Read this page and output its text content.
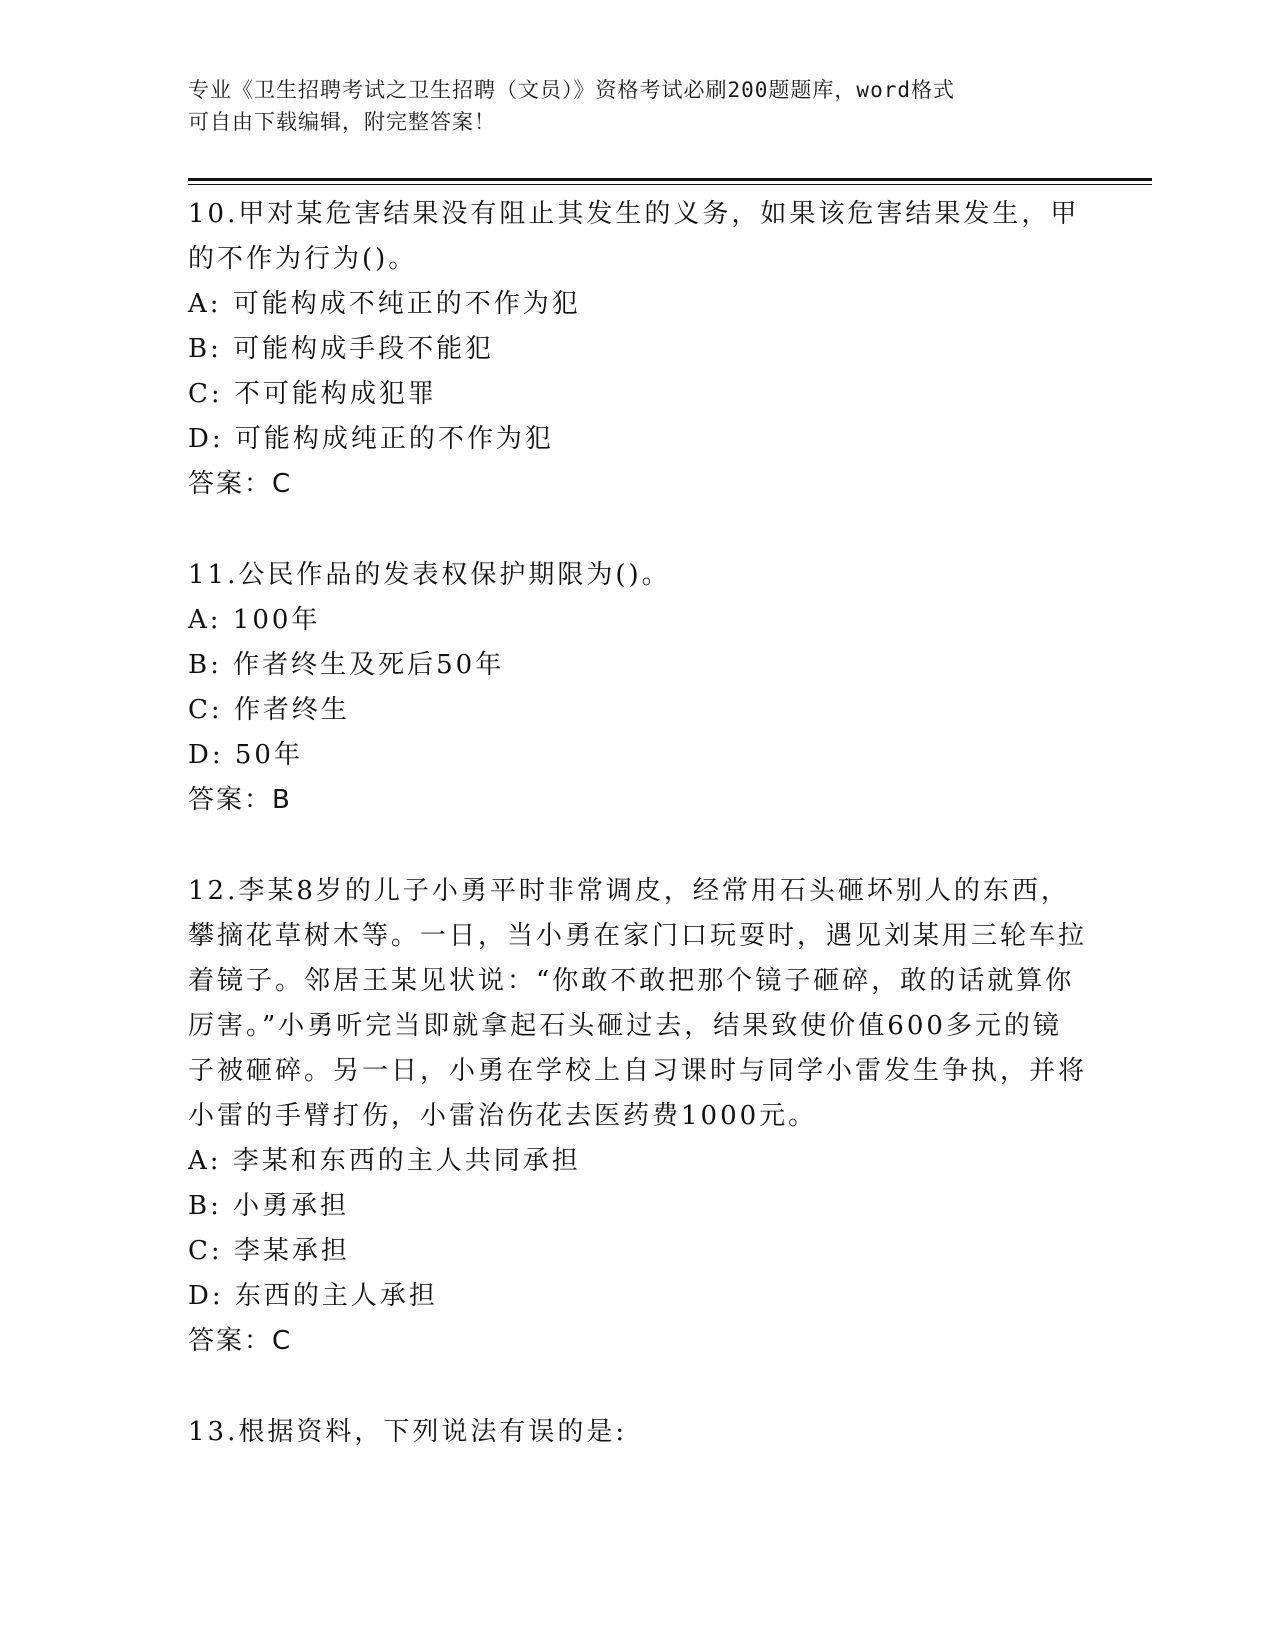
专业《卫生招聘考试之卫生招聘（文员）》资格考试必刷200题题库，word格式
可自由下载编辑，附完整答案！

10.甲对某危害结果没有阻止其发生的义务，如果该危害结果发生，甲的不作为行为()。

A: 可能构成不纯正的不作为犯

B: 可能构成手段不能犯

C: 不可能构成犯罪

D: 可能构成纯正的不作为犯

答案：C

11.公民作品的发表权保护期限为()。

A: 100年

B: 作者终生及死后50年

C: 作者终生

D: 50年

答案：B

12.李某8岁的儿子小勇平时非常调皮，经常用石头砸坏别人的东西，攀摘花草树木等。一日，当小勇在家门口玩耍时，遇见刘某用三轮车拉着镜子。邻居王某见状说：“你敢不敢把那个镜子砸碎，敢的话就算你厉害。”小勇听完当即就拿起石头砸过去，结果致使价值600多元的镜子被砸碎。另一日，小勇在学校上自习课时与同学小雷发生争执，并将小雷的手臂打伤，小雷治伤花去医药费1000元。

A: 李某和东西的主人共同承担

B: 小勇承担

C: 李某承担

D: 东西的主人承担

答案：C

13.根据资料，下列说法有误的是:
